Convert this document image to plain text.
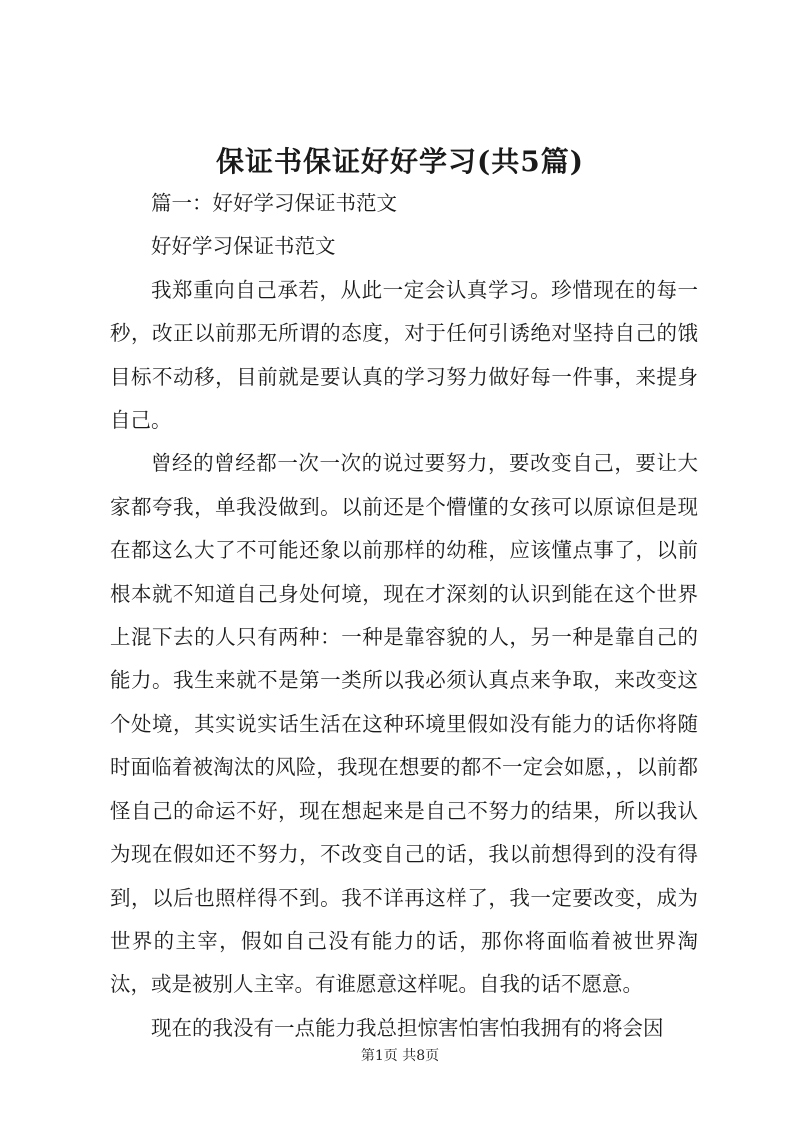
保证书保证好好学习(共5篇)

篇一：好好学习保证书范文

好好学习保证书范文

我郑重向自己承若，从此一定会认真学习。珍惜现在的每一秒，改正以前那无所谓的态度，对于任何引诱绝对坚持自己的饿目标不动移，目前就是要认真的学习努力做好每一件事，来提身自己。

曾经的曾经都一次一次的说过要努力，要改变自己，要让大家都夸我，单我没做到。以前还是个懵懂的女孩可以原谅但是现在都这么大了不可能还象以前那样的幼稚，应该懂点事了，以前根本就不知道自己身处何境，现在才深刻的认识到能在这个世界上混下去的人只有两种：一种是靠容貌的人，另一种是靠自己的能力。我生来就不是第一类所以我必须认真点来争取，来改变这个处境，其实说实话生活在这种环境里假如没有能力的话你将随时面临着被淘汰的风险，我现在想要的都不一定会如愿，，以前都怪自己的命运不好，现在想起来是自己不努力的结果，所以我认为现在假如还不努力，不改变自己的话，我以前想得到的没有得到，以后也照样得不到。我不详再这样了，我一定要改变，成为世界的主宰，假如自己没有能力的话，那你将面临着被世界淘汰，或是被别人主宰。有谁愿意这样呢。自我的话不愿意。

现在的我没有一点能力我总担惊害怕害怕我拥有的将会因

第1页 共8页
